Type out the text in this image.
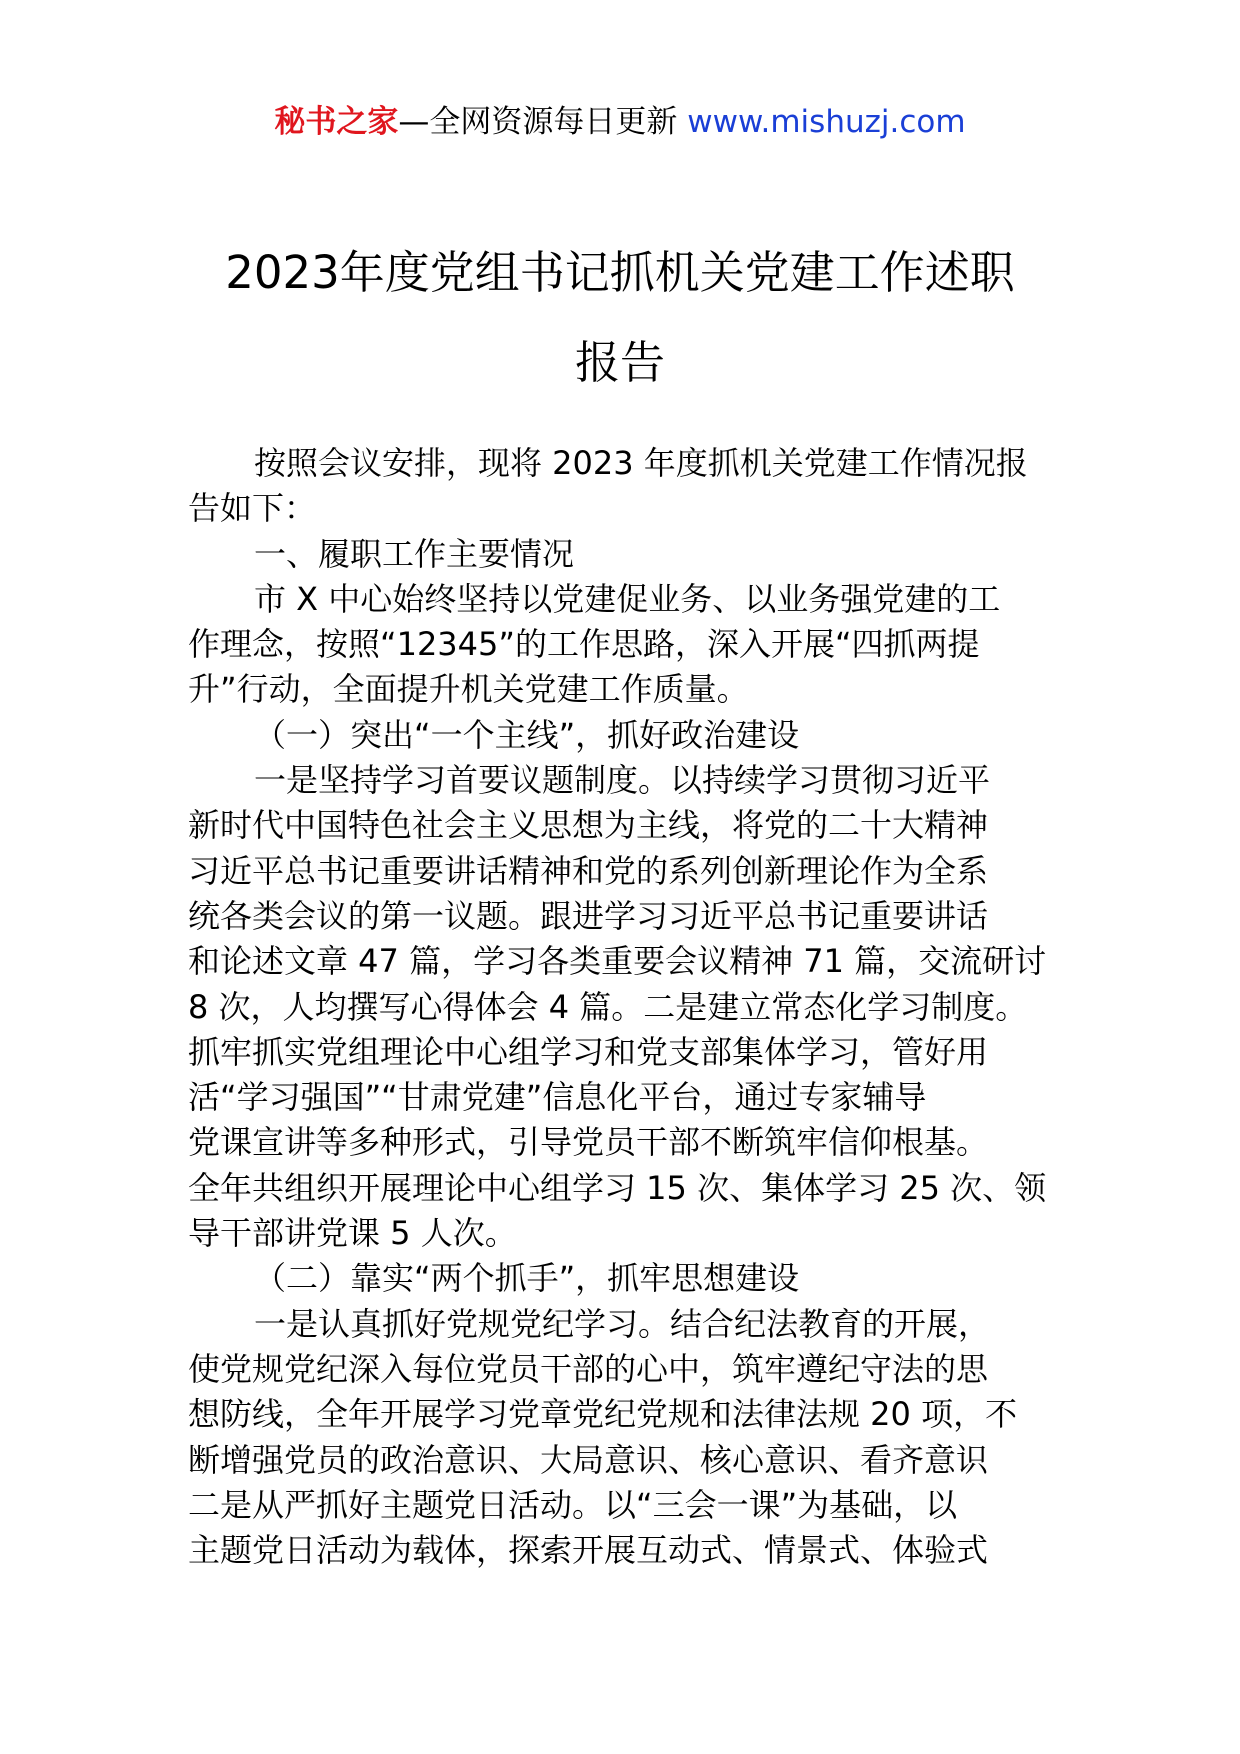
秘书之家—全网资源每日更新 www.mishuzj.com
2023年度党组书记抓机关党建工作述职
报告
按照会议安排，现将 2023 年度抓机关党建工作情况报
告如下：
一、履职工作主要情况
市 X 中心始终坚持以党建促业务、以业务强党建的工
作理念，按照“12345”的工作思路，深入开展“四抓两提
升”行动，全面提升机关党建工作质量。
（一）突出“一个主线”，抓好政治建设
一是坚持学习首要议题制度。以持续学习贯彻习近平
新时代中国特色社会主义思想为主线，将党的二十大精神
习近平总书记重要讲话精神和党的系列创新理论作为全系
统各类会议的第一议题。跟进学习习近平总书记重要讲话
和论述文章 47 篇，学习各类重要会议精神 71 篇，交流研讨
8 次，人均撰写心得体会 4 篇。二是建立常态化学习制度。
抓牢抓实党组理论中心组学习和党支部集体学习，管好用
活“学习强国”“甘肃党建”信息化平台，通过专家辅导
党课宣讲等多种形式，引导党员干部不断筑牢信仰根基。
全年共组织开展理论中心组学习 15 次、集体学习 25 次、领
导干部讲党课 5 人次。
（二）靠实“两个抓手”，抓牢思想建设
一是认真抓好党规党纪学习。结合纪法教育的开展，
使党规党纪深入每位党员干部的心中，筑牢遵纪守法的思
想防线，全年开展学习党章党纪党规和法律法规 20 项，不
断增强党员的政治意识、大局意识、核心意识、看齐意识
二是从严抓好主题党日活动。以“三会一课”为基础，以
主题党日活动为载体，探索开展互动式、情景式、体验式
